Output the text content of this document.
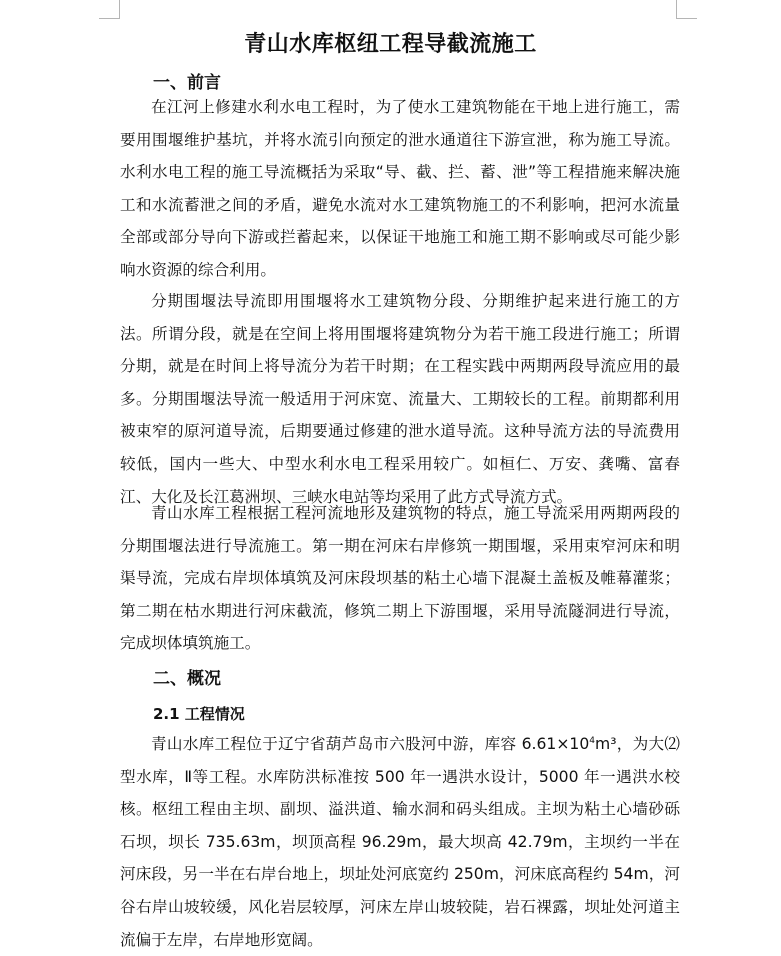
青山水库枢纽工程导截流施工
一、前言

在江河上修建水利水电工程时，为了使水工建筑物能在干地上进行施工，需要用围堰维护基坑，并将水流引向预定的泄水通道往下游宣泄，称为施工导流。水利水电工程的施工导流概括为采取“导、截、拦、蓄、泄”等工程措施来解决施工和水流蓄泄之间的矛盾，避免水流对水工建筑物施工的不利影响，把河水流量全部或部分导向下游或拦蓄起来，以保证干地施工和施工期不影响或尽可能少影响水资源的综合利用。

分期围堰法导流即用围堰将水工建筑物分段、分期维护起来进行施工的方法。所谓分段，就是在空间上将用围堰将建筑物分为若干施工段进行施工；所谓分期，就是在时间上将导流分为若干时期；在工程实践中两期两段导流应用的最多。分期围堰法导流一般适用于河床宽、流量大、工期较长的工程。前期都利用被束窄的原河道导流，后期要通过修建的泄水道导流。这种导流方法的导流费用较低，国内一些大、中型水利水电工程采用较广。如桓仁、万安、龚嘴、富春江、大化及长江葛洲坝、三峡水电站等均采用了此方式导流方式。

青山水库工程根据工程河流地形及建筑物的特点，施工导流采用两期两段的分期围堰法进行导流施工。第一期在河床右岸修筑一期围堰，采用束窄河床和明渠导流，完成右岸坝体填筑及河床段坝基的粘土心墙下混凝土盖板及帷幕灌浆；第二期在枯水期进行河床截流，修筑二期上下游围堰，采用导流隧洞进行导流，完成坝体填筑施工。

二、概况
2.1 工程情况

青山水库工程位于辽宁省葫芦岛市六股河中游，库容 $6.61\times 10^4m^3$，为大⑵型水库，Ⅱ等工程。水库防洪标准按 500 年一遇洪水设计，5000 年一遇洪水校核。枢纽工程由主坝、副坝、溢洪道、输水洞和码头组成。主坝为粘土心墙砂砾石坝，坝长 735.63m，坝顶高程 96.29m，最大坝高 42.79m，主坝约一半在河床段，另一半在右岸台地上，坝址处河底宽约 250m，河床底高程约 54m，河谷右岸山坡较缓，风化岩层较厚，河床左岸山坡较陡，岩石裸露，坝址处河道主流偏于左岸，右岸地形宽阔。
